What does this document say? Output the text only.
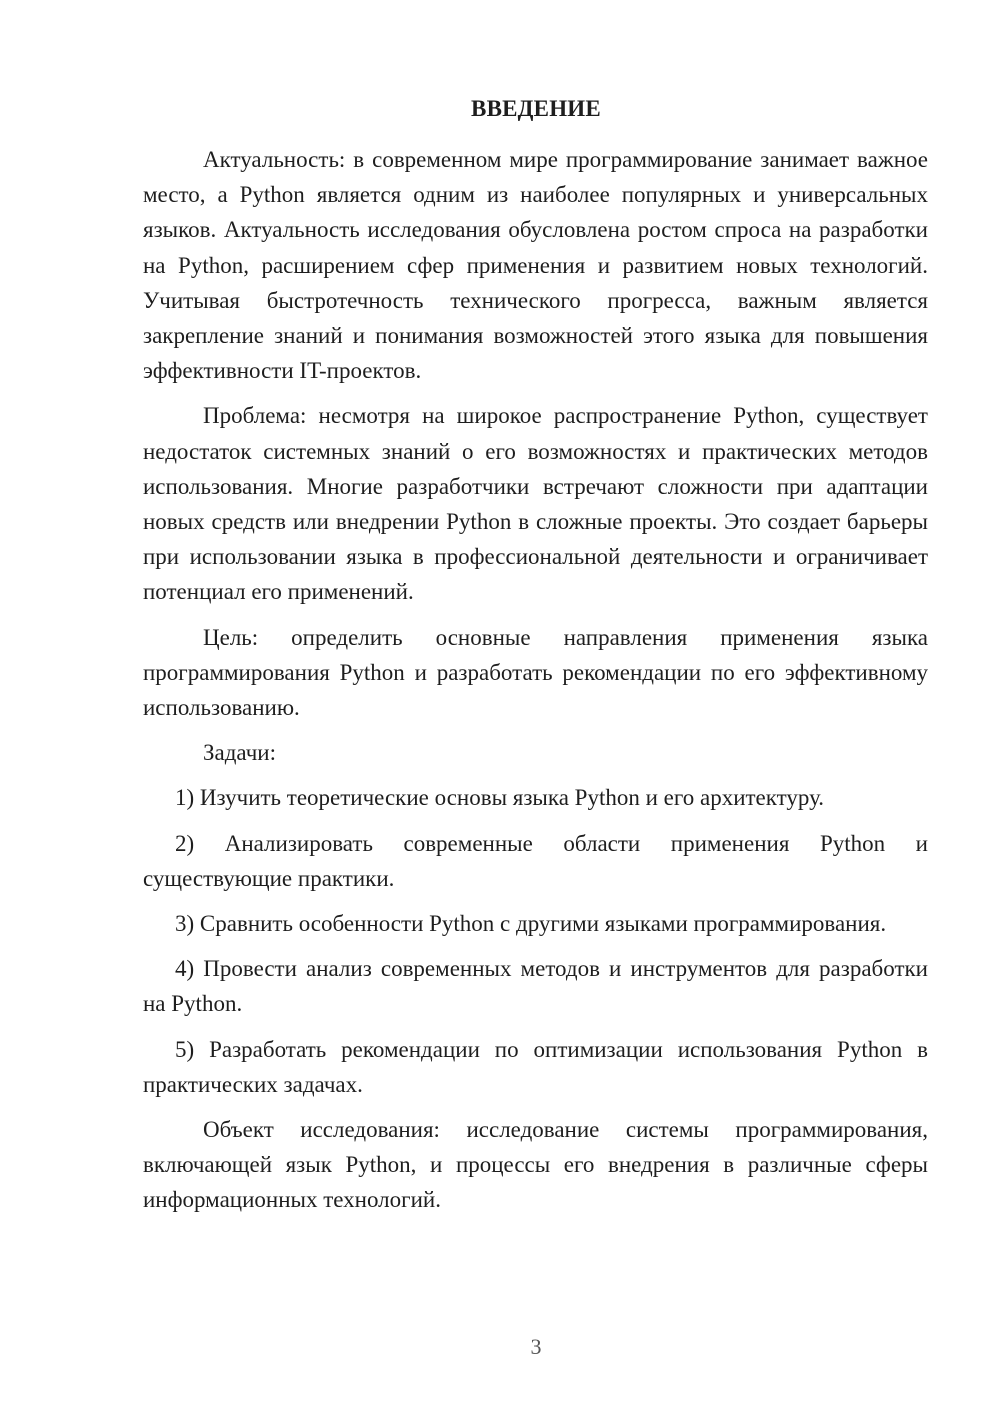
ВВЕДЕНИЕ

Актуальность: в современном мире программирование занимает важное место, а Python является одним из наиболее популярных и универсальных языков. Актуальность исследования обусловлена ростом спроса на разработки на Python, расширением сфер применения и развитием новых технологий. Учитывая быстротечность технического прогресса, важным является закрепление знаний и понимания возможностей этого языка для повышения эффективности IT-проектов.

Проблема: несмотря на широкое распространение Python, существует недостаток системных знаний о его возможностях и практических методов использования. Многие разработчики встречают сложности при адаптации новых средств или внедрении Python в сложные проекты. Это создает барьеры при использовании языка в профессиональной деятельности и ограничивает потенциал его применений.

Цель: определить основные направления применения языка программирования Python и разработать рекомендации по его эффективному использованию.

Задачи:

1) Изучить теоретические основы языка Python и его архитектуру.

2) Анализировать современные области применения Python и существующие практики.

3) Сравнить особенности Python с другими языками программирования.

4) Провести анализ современных методов и инструментов для разработки на Python.

5) Разработать рекомендации по оптимизации использования Python в практических задачах.

Объект исследования: исследование системы программирования, включающей язык Python, и процессы его внедрения в различные сферы информационных технологий.

3
